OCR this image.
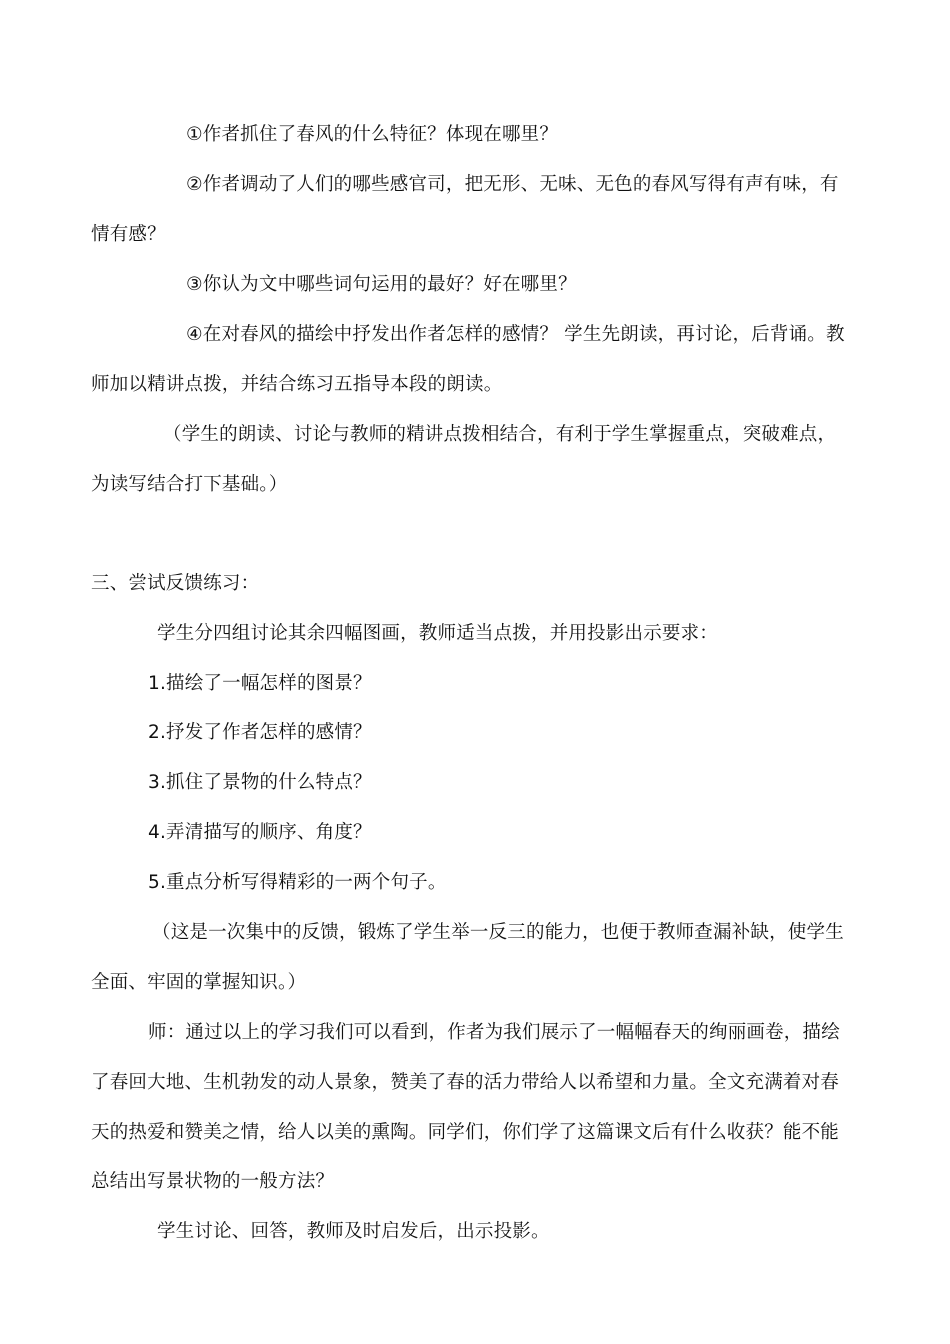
①作者抓住了春风的什么特征？体现在哪里？
②作者调动了人们的哪些感官司，把无形、无味、无色的春风写得有声有味，有
情有感？
③你认为文中哪些词句运用的最好？好在哪里？
④在对春风的描绘中抒发出作者怎样的感情？ 学生先朗读，再讨论，后背诵。教
师加以精讲点拨，并结合练习五指导本段的朗读。
（学生的朗读、讨论与教师的精讲点拨相结合，有利于学生掌握重点，突破难点，
为读写结合打下基础。）
三、尝试反馈练习：
学生分四组讨论其余四幅图画，教师适当点拨，并用投影出示要求：
1.描绘了一幅怎样的图景？
2.抒发了作者怎样的感情？
3.抓住了景物的什么特点？
4.弄清描写的顺序、角度？
5.重点分析写得精彩的一两个句子。
（这是一次集中的反馈，锻炼了学生举一反三的能力，也便于教师查漏补缺，使学生
全面、牢固的掌握知识。）
师：通过以上的学习我们可以看到，作者为我们展示了一幅幅春天的绚丽画卷，描绘
了春回大地、生机勃发的动人景象，赞美了春的活力带给人以希望和力量。全文充满着对春
天的热爱和赞美之情，给人以美的熏陶。同学们，你们学了这篇课文后有什么收获？能不能
总结出写景状物的一般方法？
学生讨论、回答，教师及时启发后，出示投影。
